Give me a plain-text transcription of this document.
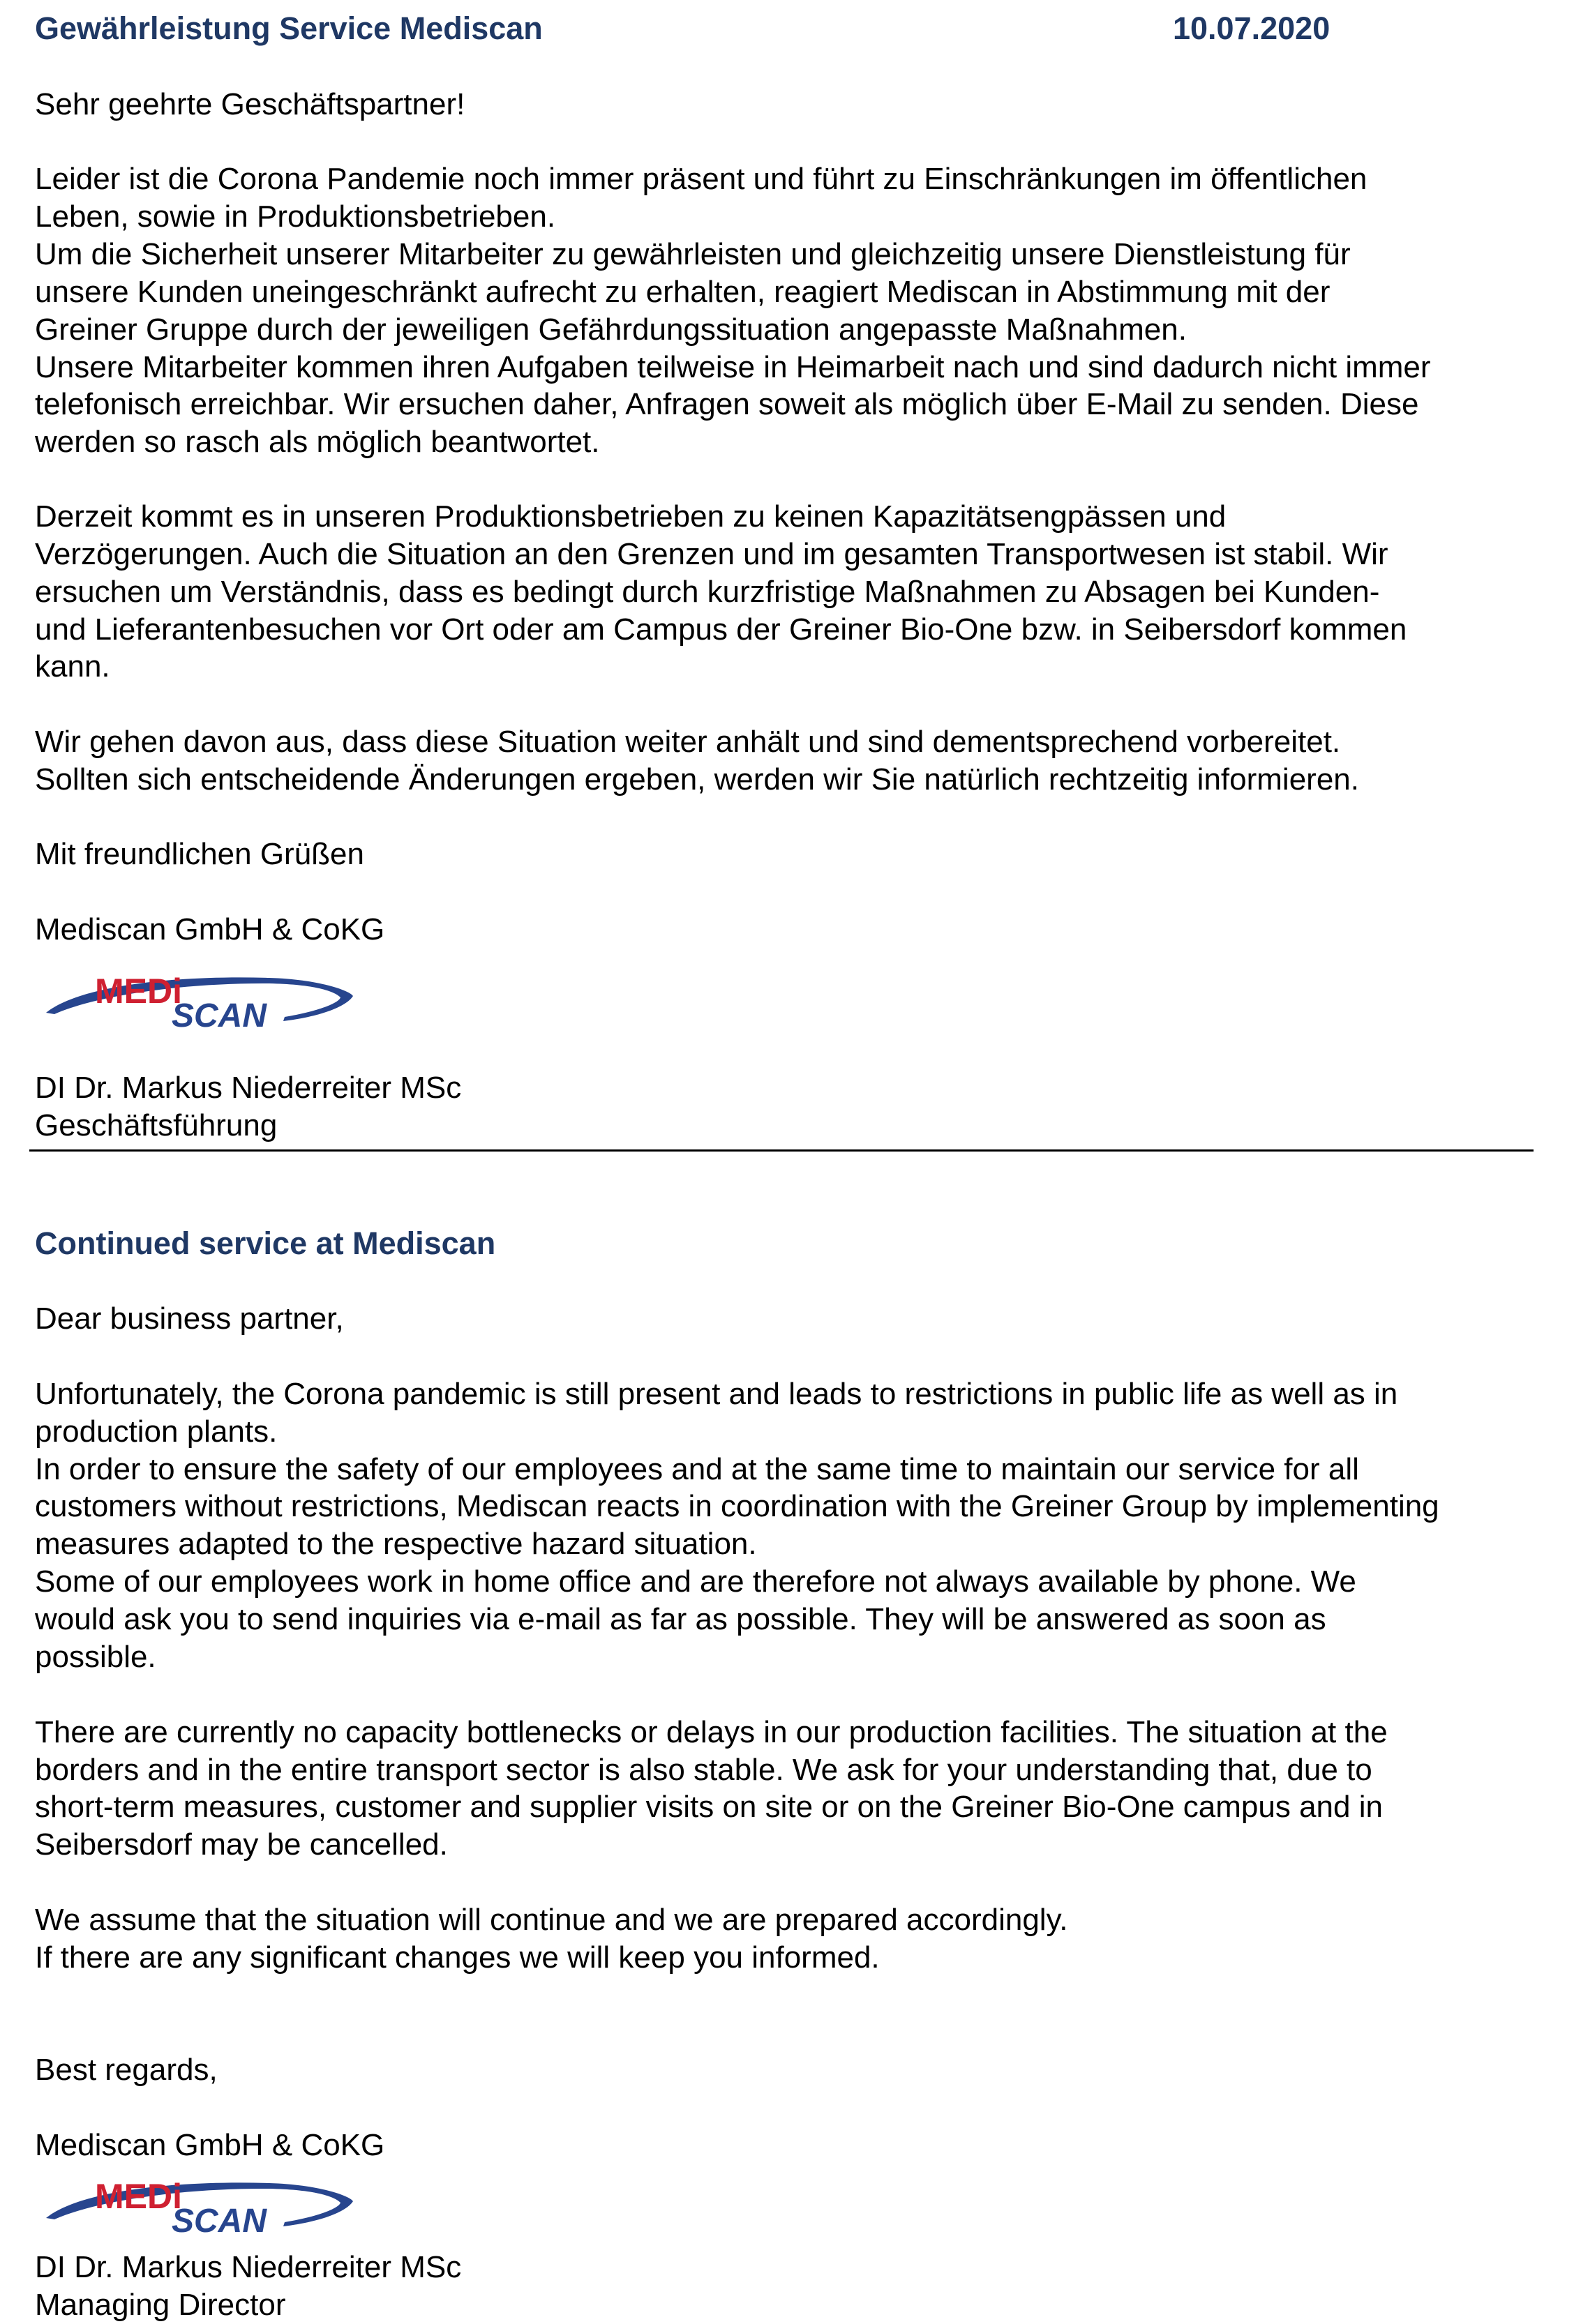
Gewährleistung Service Mediscan	10.07.2020

Sehr geehrte Geschäftspartner!

Leider ist die Corona Pandemie noch immer präsent und führt zu Einschränkungen im öffentlichen

Leben, sowie in Produktionsbetrieben.

Um die Sicherheit unserer Mitarbeiter zu gewährleisten und gleichzeitig unsere Dienstleistung für

unsere Kunden uneingeschränkt aufrecht zu erhalten, reagiert Mediscan in Abstimmung mit der

Greiner Gruppe durch der jeweiligen Gefährdungssituation angepasste Maßnahmen.

Unsere Mitarbeiter kommen ihren Aufgaben teilweise in Heimarbeit nach und sind dadurch nicht immer

telefonisch erreichbar. Wir ersuchen daher, Anfragen soweit als möglich über E-Mail zu senden. Diese

werden so rasch als möglich beantwortet.

Derzeit kommt es in unseren Produktionsbetrieben zu keinen Kapazitätsengpässen und

Verzögerungen. Auch die Situation an den Grenzen und im gesamten Transportwesen ist stabil. Wir

ersuchen um Verständnis, dass es bedingt durch kurzfristige Maßnahmen zu Absagen bei Kunden-

und Lieferantenbesuchen vor Ort oder am Campus der Greiner Bio-One bzw. in Seibersdorf kommen

kann.

Wir gehen davon aus, dass diese Situation weiter anhält und sind dementsprechend vorbereitet.

Sollten sich entscheidende Änderungen ergeben, werden wir Sie natürlich rechtzeitig informieren.

Mit freundlichen Grüßen

Mediscan GmbH & CoKG

MEDi
SCAN

DI Dr. Markus Niederreiter MSc

Geschäftsführung

Continued service at Mediscan

Dear business partner,

Unfortunately, the Corona pandemic is still present and leads to restrictions in public life as well as in

production plants.

In order to ensure the safety of our employees and at the same time to maintain our service for all

customers without restrictions, Mediscan reacts in coordination with the Greiner Group by implementing

measures adapted to the respective hazard situation.

Some of our employees work in home office and are therefore not always available by phone. We

would ask you to send inquiries via e-mail as far as possible. They will be answered as soon as

possible.

There are currently no capacity bottlenecks or delays in our production facilities. The situation at the

borders and in the entire transport sector is also stable. We ask for your understanding that, due to

short-term measures, customer and supplier visits on site or on the Greiner Bio-One campus and in

Seibersdorf may be cancelled.

We assume that the situation will continue and we are prepared accordingly.

If there are any significant changes we will keep you informed.

Best regards,

Mediscan GmbH & CoKG

MEDi
SCAN

DI Dr. Markus Niederreiter MSc

Managing Director
